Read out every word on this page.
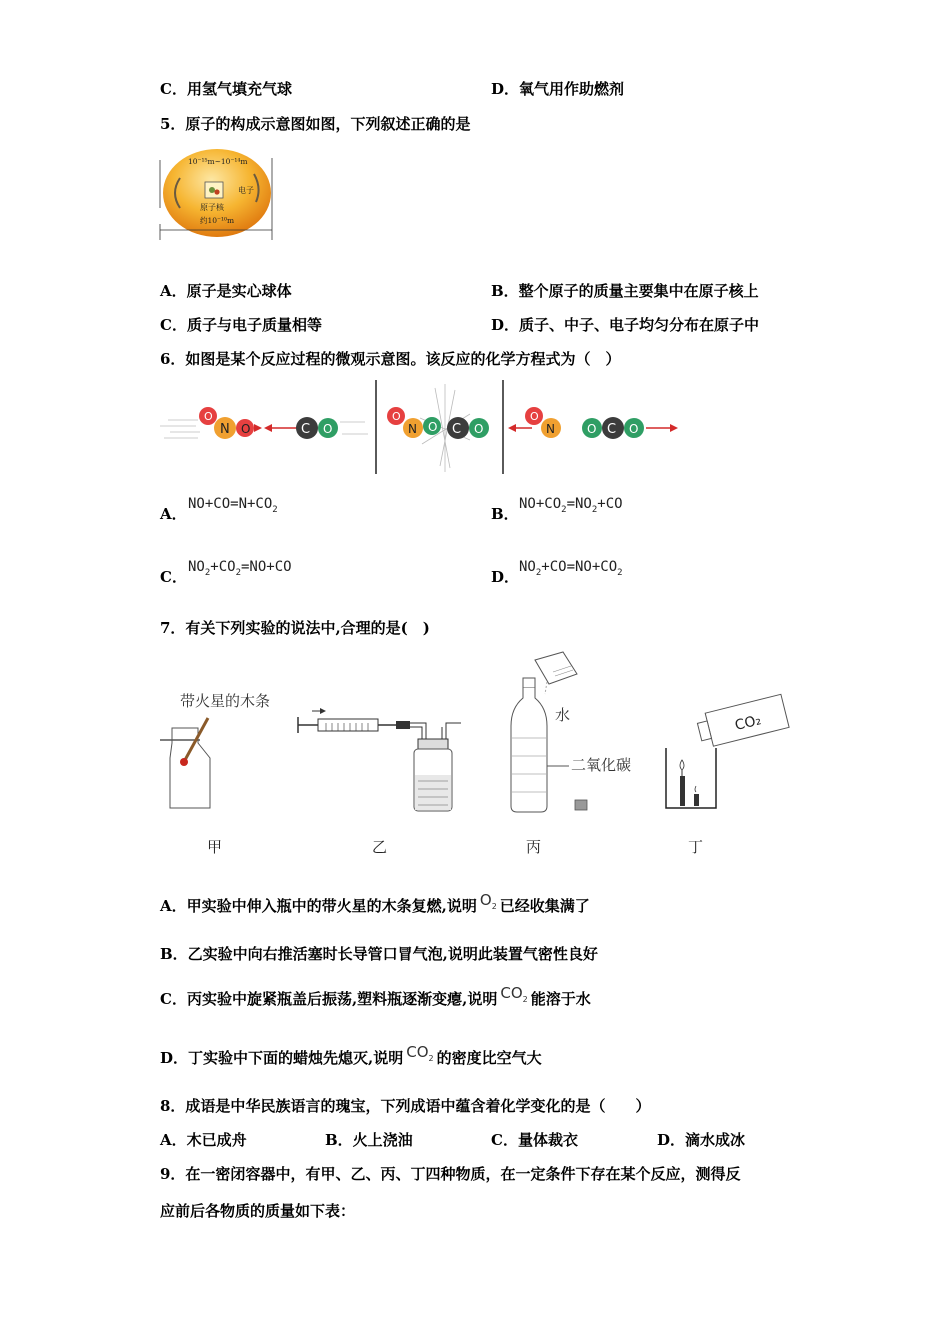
C．用氢气填充气球	D．氧气用作助燃剂
5．原子的构成示意图如图，下列叙述正确的是
10⁻¹⁵m~10⁻¹⁴m
电子
原子核
约10⁻¹⁰m
A．原子是实心球体	B．整个原子的质量主要集中在原子核上
C．质子与电子质量相等	D．质子、中子、电子均匀分布在原子中
6．如图是某个反应过程的微观示意图。该反应的化学方程式为（　）
O
N O	C O
O
N O C O
O
N	O C O
A．
$NO+CO=N+CO_2$	B．
$NO+CO_2=NO_2+CO$
C．
$NO_2+CO_2=NO+CO$
D．
$NO_2+CO=NO+CO_2$
7．有关下列实验的说法中,合理的是(　)
带火星的木条
水
二氧化碳
CO₂
甲	乙	丙	丁
A．甲实验中伸入瓶中的带火星的木条复燃,说明 $O_2$ 已经收集满了
B．乙实验中向右推活塞时长导管口冒气泡,说明此装置气密性良好
C．丙实验中旋紧瓶盖后振荡,塑料瓶逐渐变瘪,说明 $CO_2$ 能溶于水
D．丁实验中下面的蜡烛先熄灭,说明 $CO_2$ 的密度比空气大
8．成语是中华民族语言的瑰宝，下列成语中蕴含着化学变化的是（　　）
A．木已成舟	B．火上浇油	C．量体裁衣	D．滴水成冰
9．在一密闭容器中，有甲、乙、丙、丁四种物质，在一定条件下存在某个反应，测得反
应前后各物质的质量如下表：
